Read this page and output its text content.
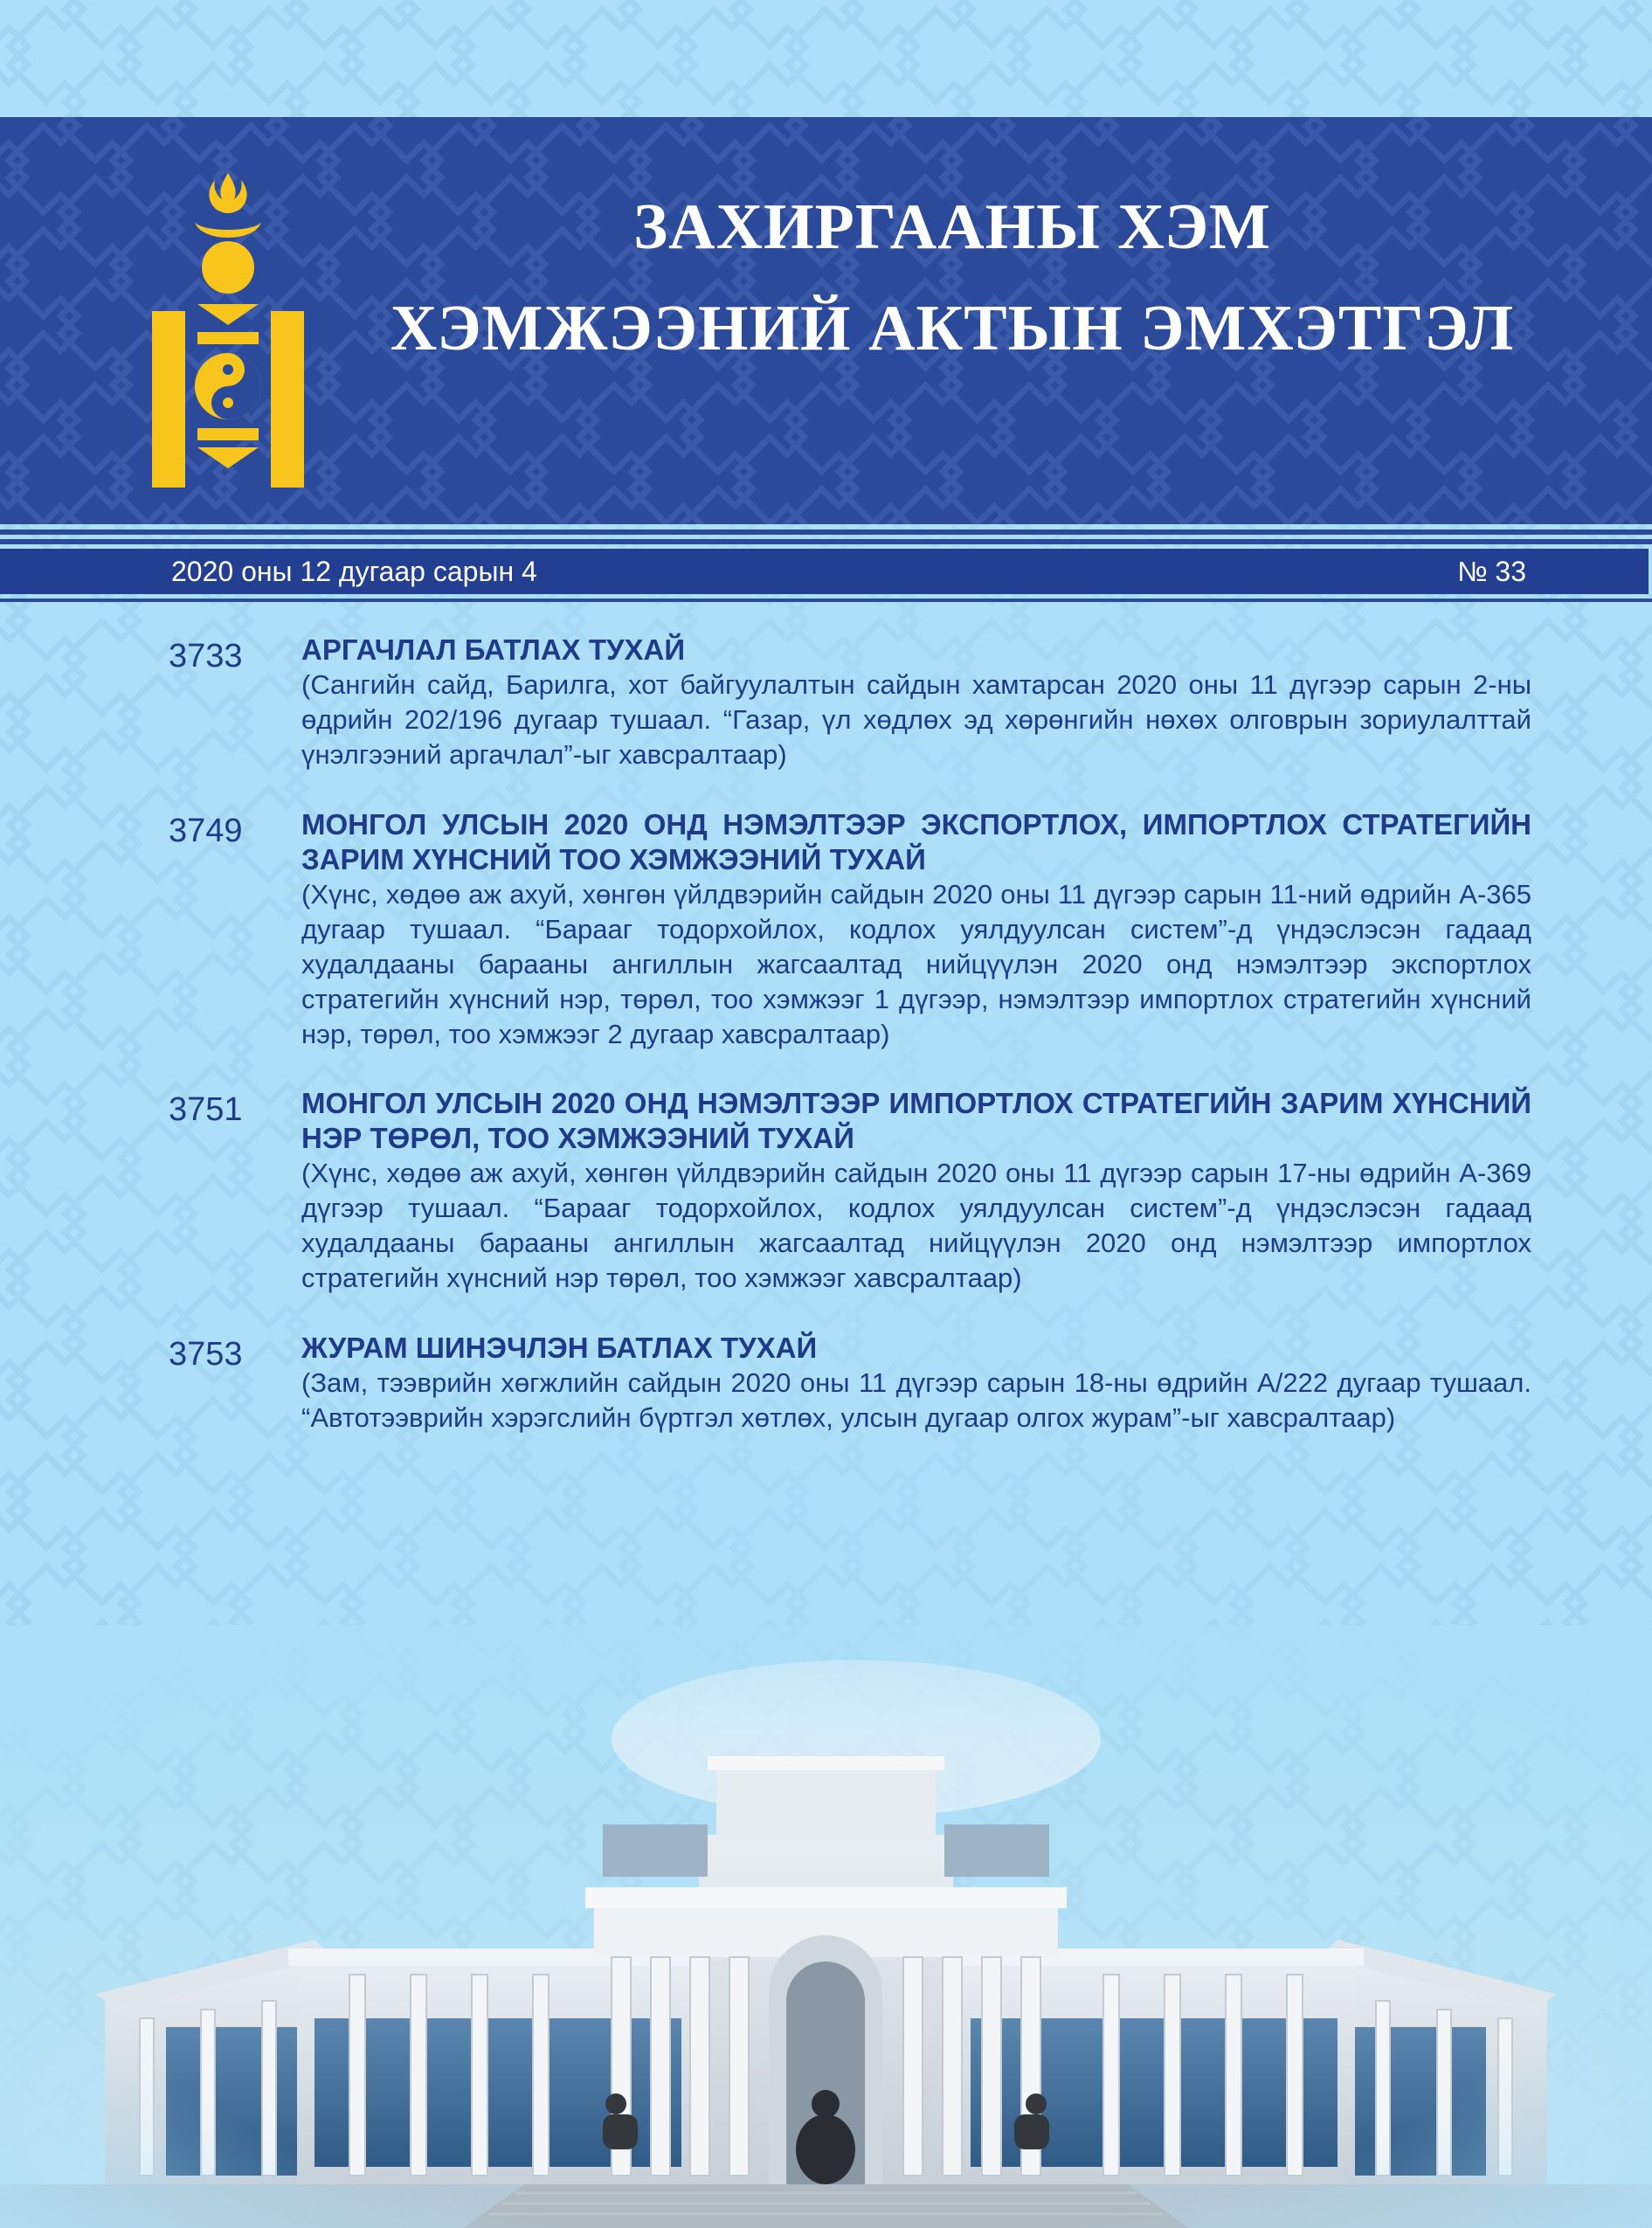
ЗАХИРГААНЫ ХЭМ
ХЭМЖЭЭНИЙ АКТЫН ЭМХЭТГЭЛ
2020 оны 12 дугаар сарын 4	№ 33
3733 АРГАЧЛАЛ БАТЛАХ ТУХАЙ
(Сангийн сайд, Барилга, хот байгуулалтын сайдын хамтарсан 2020 оны 11 дүгээр сарын 2-ны өдрийн 202/196 дугаар тушаал. “Газар, үл хөдлөх эд хөрөнгийн нөхөх олговрын зориулалттай үнэлгээний аргачлал”-ыг хавсралтаар)
3749 МОНГОЛ УЛСЫН 2020 ОНД НЭМЭЛТЭЭР ЭКСПОРТЛОХ, ИМПОРТЛОХ СТРАТЕГИЙН ЗАРИМ ХҮНСНИЙ ТОО ХЭМЖЭЭНИЙ ТУХАЙ
(Хүнс, хөдөө аж ахуй, хөнгөн үйлдвэрийн сайдын 2020 оны 11 дүгээр сарын 11-ний өдрийн А-365 дугаар тушаал. “Барааг тодорхойлох, кодлох уялдуулсан систем”-д үндэслэсэн гадаад худалдааны барааны ангиллын жагсаалтад нийцүүлэн 2020 онд нэмэлтээр экспортлох стратегийн хүнсний нэр, төрөл, тоо хэмжээг 1 дүгээр, нэмэлтээр импортлох стратегийн хүнсний нэр, төрөл, тоо хэмжээг 2 дугаар хавсралтаар)
3751 МОНГОЛ УЛСЫН 2020 ОНД НЭМЭЛТЭЭР ИМПОРТЛОХ СТРАТЕГИЙН ЗАРИМ ХҮНСНИЙ НЭР ТӨРӨЛ, ТОО ХЭМЖЭЭНИЙ ТУХАЙ
(Хүнс, хөдөө аж ахуй, хөнгөн үйлдвэрийн сайдын 2020 оны 11 дүгээр сарын 17-ны өдрийн А-369 дүгээр тушаал. “Барааг тодорхойлох, кодлох уялдуулсан систем”-д үндэслэсэн гадаад худалдааны барааны ангиллын жагсаалтад нийцүүлэн 2020 онд нэмэлтээр импортлох стратегийн хүнсний нэр төрөл, тоо хэмжээг хавсралтаар)
3753 ЖУРАМ ШИНЭЧЛЭН БАТЛАХ ТУХАЙ
(Зам, тээврийн хөгжлийн сайдын 2020 оны 11 дүгээр сарын 18-ны өдрийн А/222 дугаар тушаал. “Автотээврийн хэрэгслийн бүртгэл хөтлөх, улсын дугаар олгох журам”-ыг хавсралтаар)
